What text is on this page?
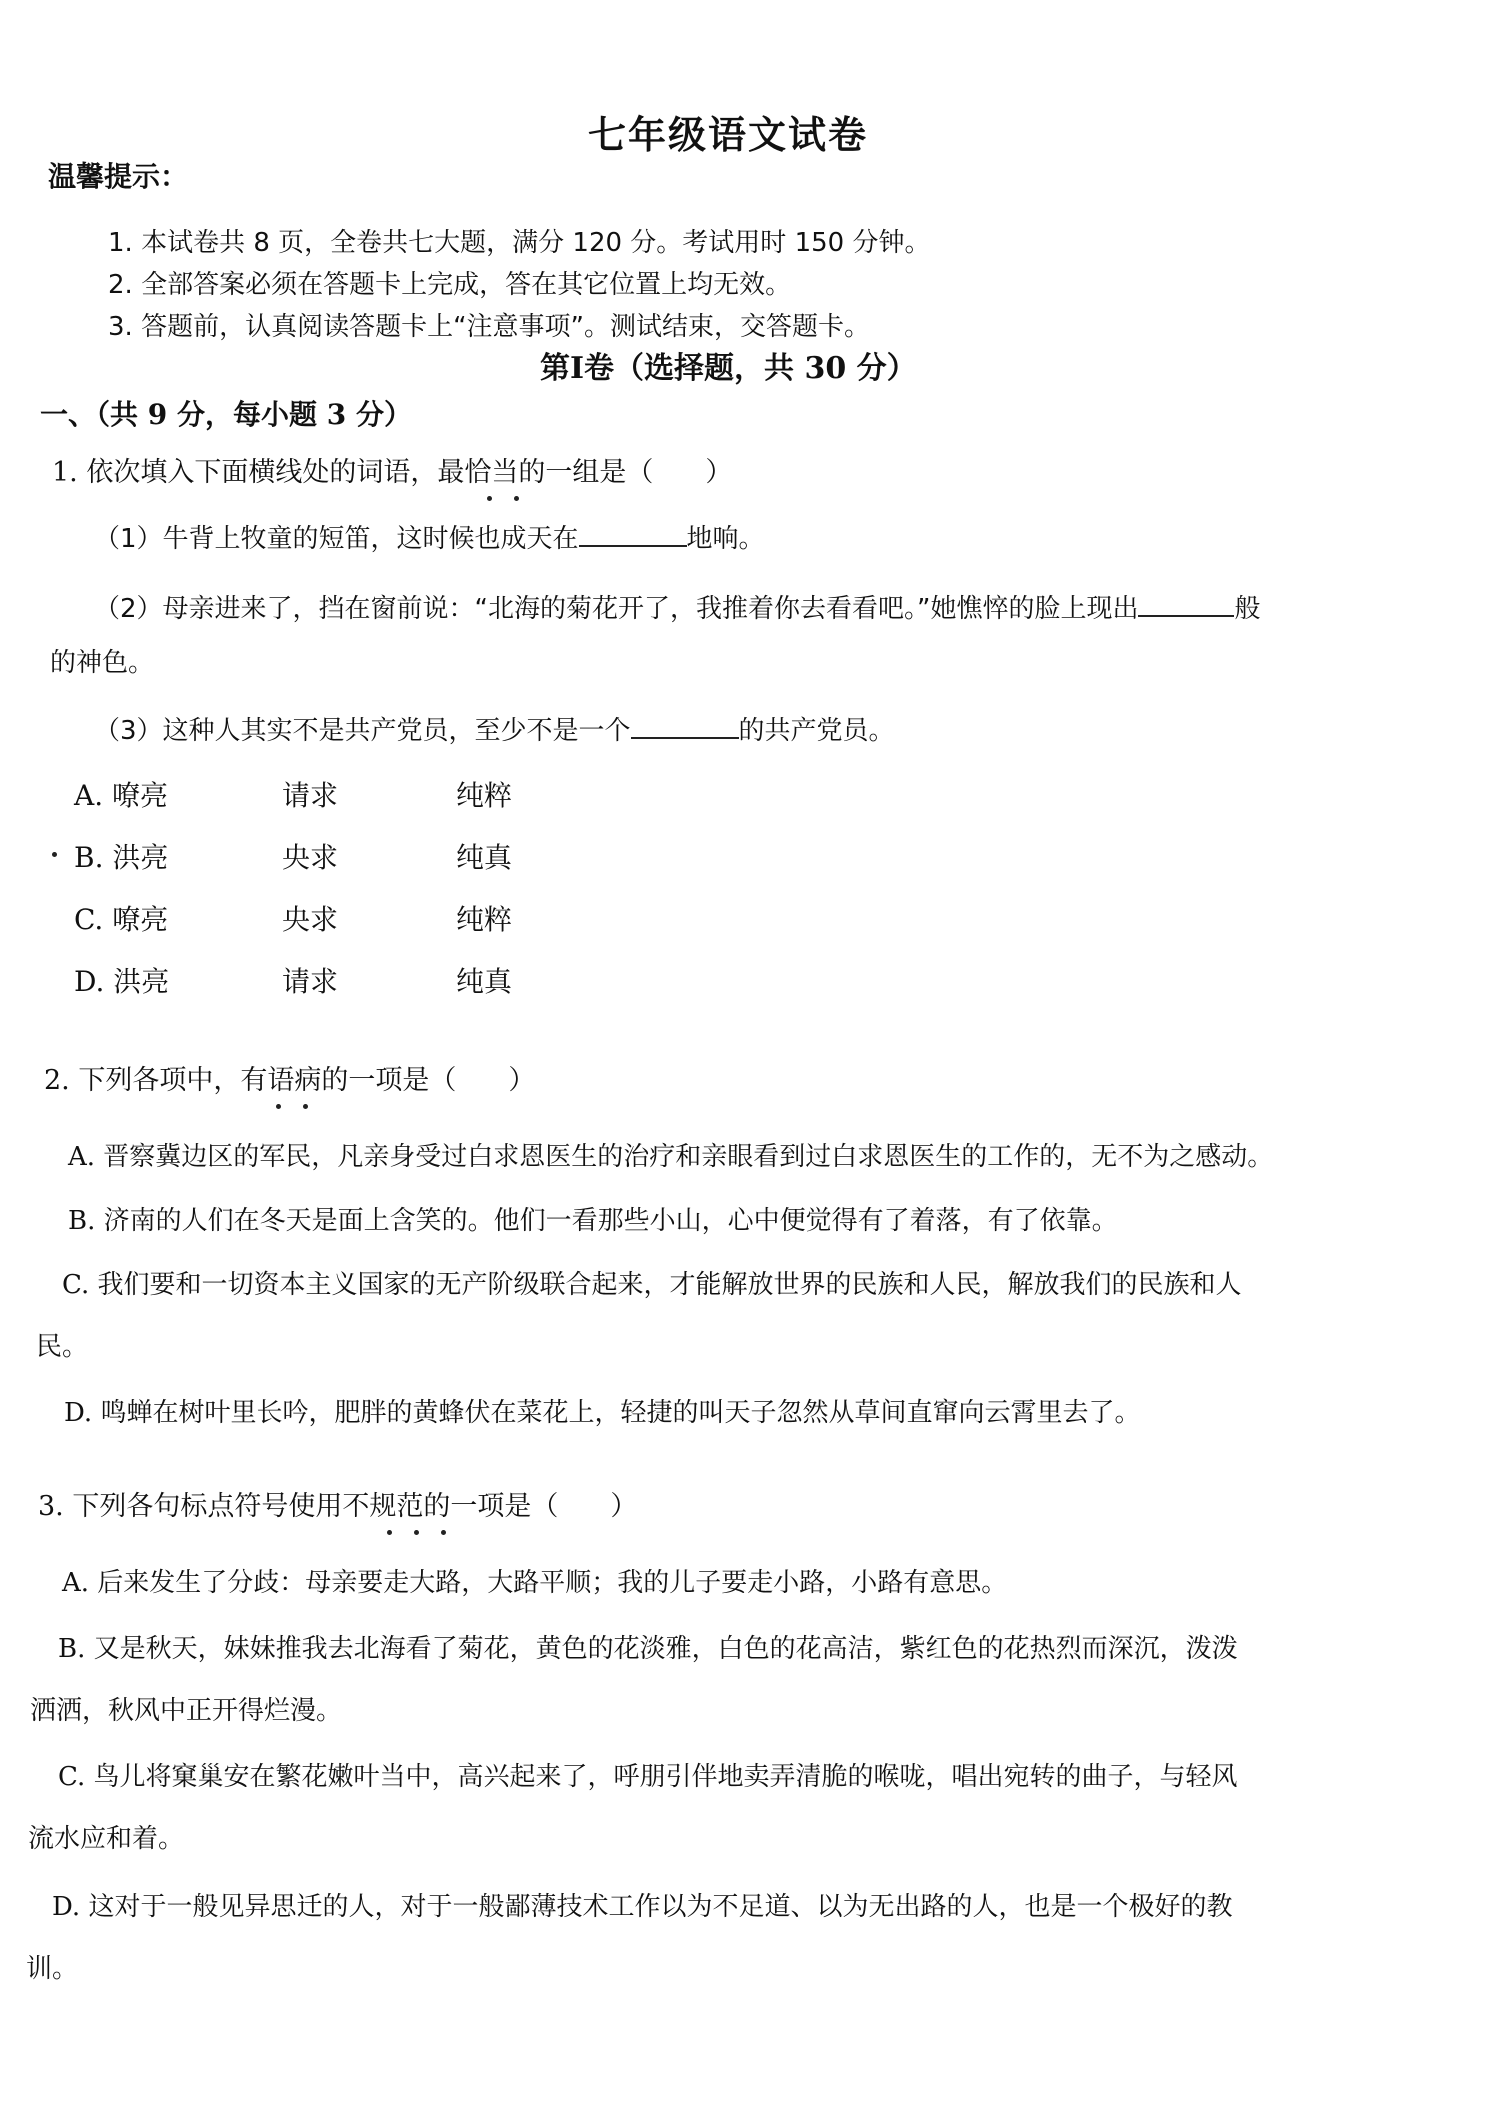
七年级语文试卷
温馨提示：
1. 本试卷共 8 页，全卷共七大题，满分 120 分。考试用时 150 分钟。
2. 全部答案必须在答题卡上完成，答在其它位置上均无效。
3. 答题前，认真阅读答题卡上“注意事项”。测试结束，交答题卡。
第Ⅰ卷（选择题，共 30 分）
一、（共 9 分，每小题 3 分）
1. 依次填入下面横线处的词语，最恰当的一组是（ ）
（1）牛背上牧童的短笛，这时候也成天在	地响。
（2）母亲进来了，挡在窗前说：“北海的菊花开了，我推着你去看看吧。”她憔悴的脸上现出	般
的神色。
（3）这种人其实不是共产党员，至少不是一个	的共产党员。
A. 嘹亮	请求	纯粹
B. 洪亮	央求	纯真
C. 嘹亮	央求	纯粹
D. 洪亮	请求	纯真
2. 下列各项中，有语病的一项是（ ）
A. 晋察冀边区的军民，凡亲身受过白求恩医生的治疗和亲眼看到过白求恩医生的工作的，无不为之感动。
B. 济南的人们在冬天是面上含笑的。他们一看那些小山，心中便觉得有了着落，有了依靠。
C. 我们要和一切资本主义国家的无产阶级联合起来，才能解放世界的民族和人民，解放我们的民族和人
民。
D. 鸣蝉在树叶里长吟，肥胖的黄蜂伏在菜花上，轻捷的叫天子忽然从草间直窜向云霄里去了。
3. 下列各句标点符号使用不规范的一项是（ ）
A. 后来发生了分歧：母亲要走大路，大路平顺；我的儿子要走小路，小路有意思。
B. 又是秋天，妹妹推我去北海看了菊花，黄色的花淡雅，白色的花高洁，紫红色的花热烈而深沉，泼泼
洒洒，秋风中正开得烂漫。
C. 鸟儿将窠巢安在繁花嫩叶当中，高兴起来了，呼朋引伴地卖弄清脆的喉咙，唱出宛转的曲子，与轻风
流水应和着。
D. 这对于一般见异思迁的人，对于一般鄙薄技术工作以为不足道、以为无出路的人，也是一个极好的教
训。
